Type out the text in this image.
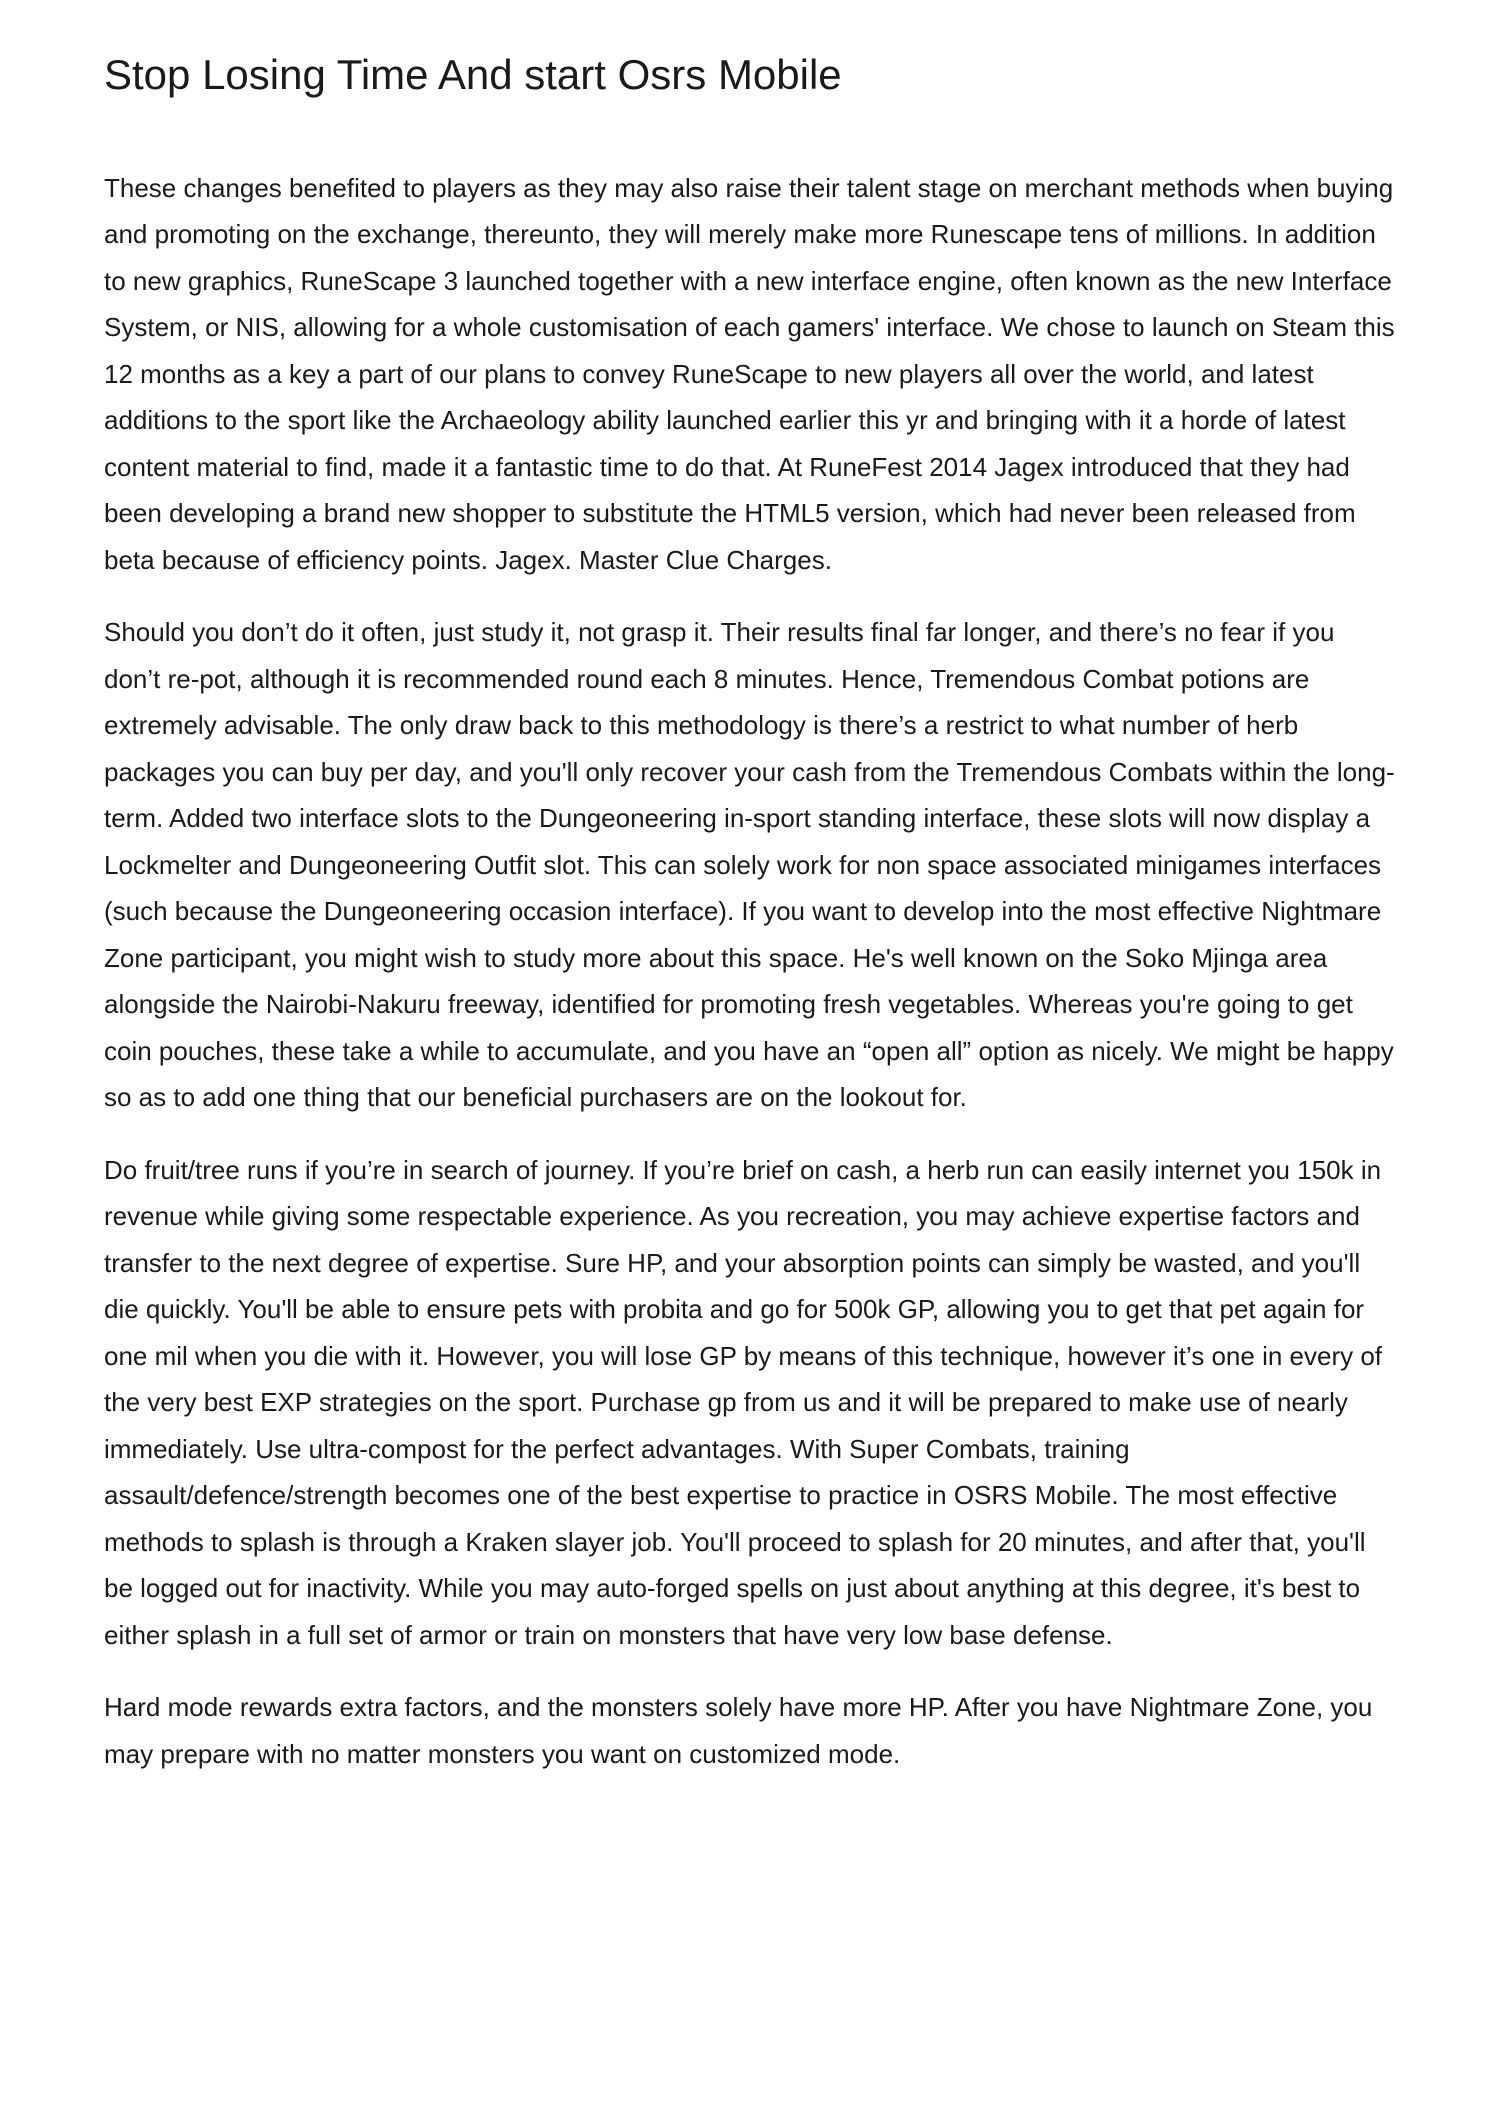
Stop Losing Time And start Osrs Mobile

These changes benefited to players as they may also raise their talent stage on merchant methods when buying and promoting on the exchange, thereunto, they will merely make more Runescape tens of millions. In addition to new graphics, RuneScape 3 launched together with a new interface engine, often known as the new Interface System, or NIS, allowing for a whole customisation of each gamers' interface. We chose to launch on Steam this 12 months as a key a part of our plans to convey RuneScape to new players all over the world, and latest additions to the sport like the Archaeology ability launched earlier this yr and bringing with it a horde of latest content material to find, made it a fantastic time to do that. At RuneFest 2014 Jagex introduced that they had been developing a brand new shopper to substitute the HTML5 version, which had never been released from beta because of efficiency points. Jagex. Master Clue Charges.

Should you don’t do it often, just study it, not grasp it. Their results final far longer, and there’s no fear if you don’t re-pot, although it is recommended round each 8 minutes. Hence, Tremendous Combat potions are extremely advisable. The only draw back to this methodology is there’s a restrict to what number of herb packages you can buy per day, and you'll only recover your cash from the Tremendous Combats within the long-term. Added two interface slots to the Dungeoneering in-sport standing interface, these slots will now display a Lockmelter and Dungeoneering Outfit slot. This can solely work for non space associated minigames interfaces (such because the Dungeoneering occasion interface). If you want to develop into the most effective Nightmare Zone participant, you might wish to study more about this space. He's well known on the Soko Mjinga area alongside the Nairobi-Nakuru freeway, identified for promoting fresh vegetables. Whereas you're going to get coin pouches, these take a while to accumulate, and you have an “open all” option as nicely. We might be happy so as to add one thing that our beneficial purchasers are on the lookout for.

Do fruit/tree runs if you’re in search of journey. If you’re brief on cash, a herb run can easily internet you 150k in revenue while giving some respectable experience. As you recreation, you may achieve expertise factors and transfer to the next degree of expertise. Sure HP, and your absorption points can simply be wasted, and you'll die quickly. You'll be able to ensure pets with probita and go for 500k GP, allowing you to get that pet again for one mil when you die with it. However, you will lose GP by means of this technique, however it’s one in every of the very best EXP strategies on the sport. Purchase gp from us and it will be prepared to make use of nearly immediately. Use ultra-compost for the perfect advantages. With Super Combats, training assault/defence/strength becomes one of the best expertise to practice in OSRS Mobile. The most effective methods to splash is through a Kraken slayer job. You'll proceed to splash for 20 minutes, and after that, you'll be logged out for inactivity. While you may auto-forged spells on just about anything at this degree, it's best to either splash in a full set of armor or train on monsters that have very low base defense.

Hard mode rewards extra factors, and the monsters solely have more HP. After you have Nightmare Zone, you may prepare with no matter monsters you want on customized mode.
